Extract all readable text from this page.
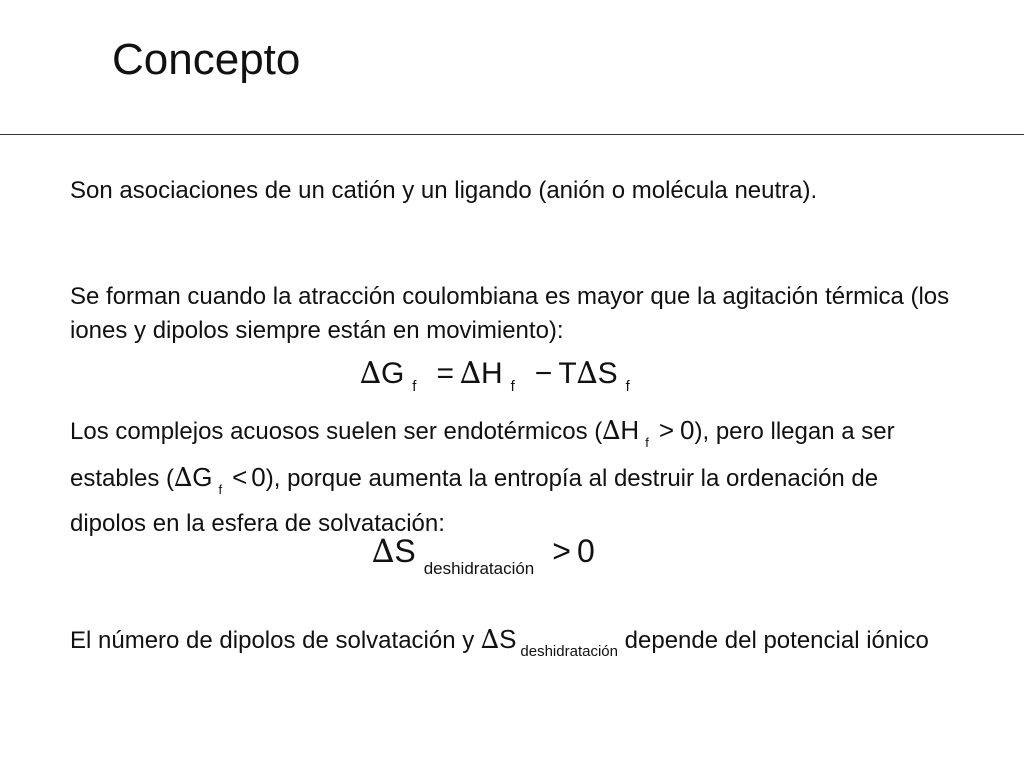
Concepto
Son asociaciones de un catión y un ligando (anión o molécula neutra).
Se forman cuando la atracción coulombiana es mayor que la agitación térmica (los iones y dipolos siempre están en movimiento):
∆G $_f$ = ∆H $_f$ − T∆S $_f$
Los complejos acuosos suelen ser endotérmicos (∆H $_f$ > 0), pero llegan a ser estables (∆G $_f$ < 0), porque aumenta la entropía al destruir la ordenación de dipolos en la esfera de solvatación:
∆S $_{deshidratación}$ > 0
El número de dipolos de solvatación y ∆S $_{deshidratación}$ depende del potencial iónico
